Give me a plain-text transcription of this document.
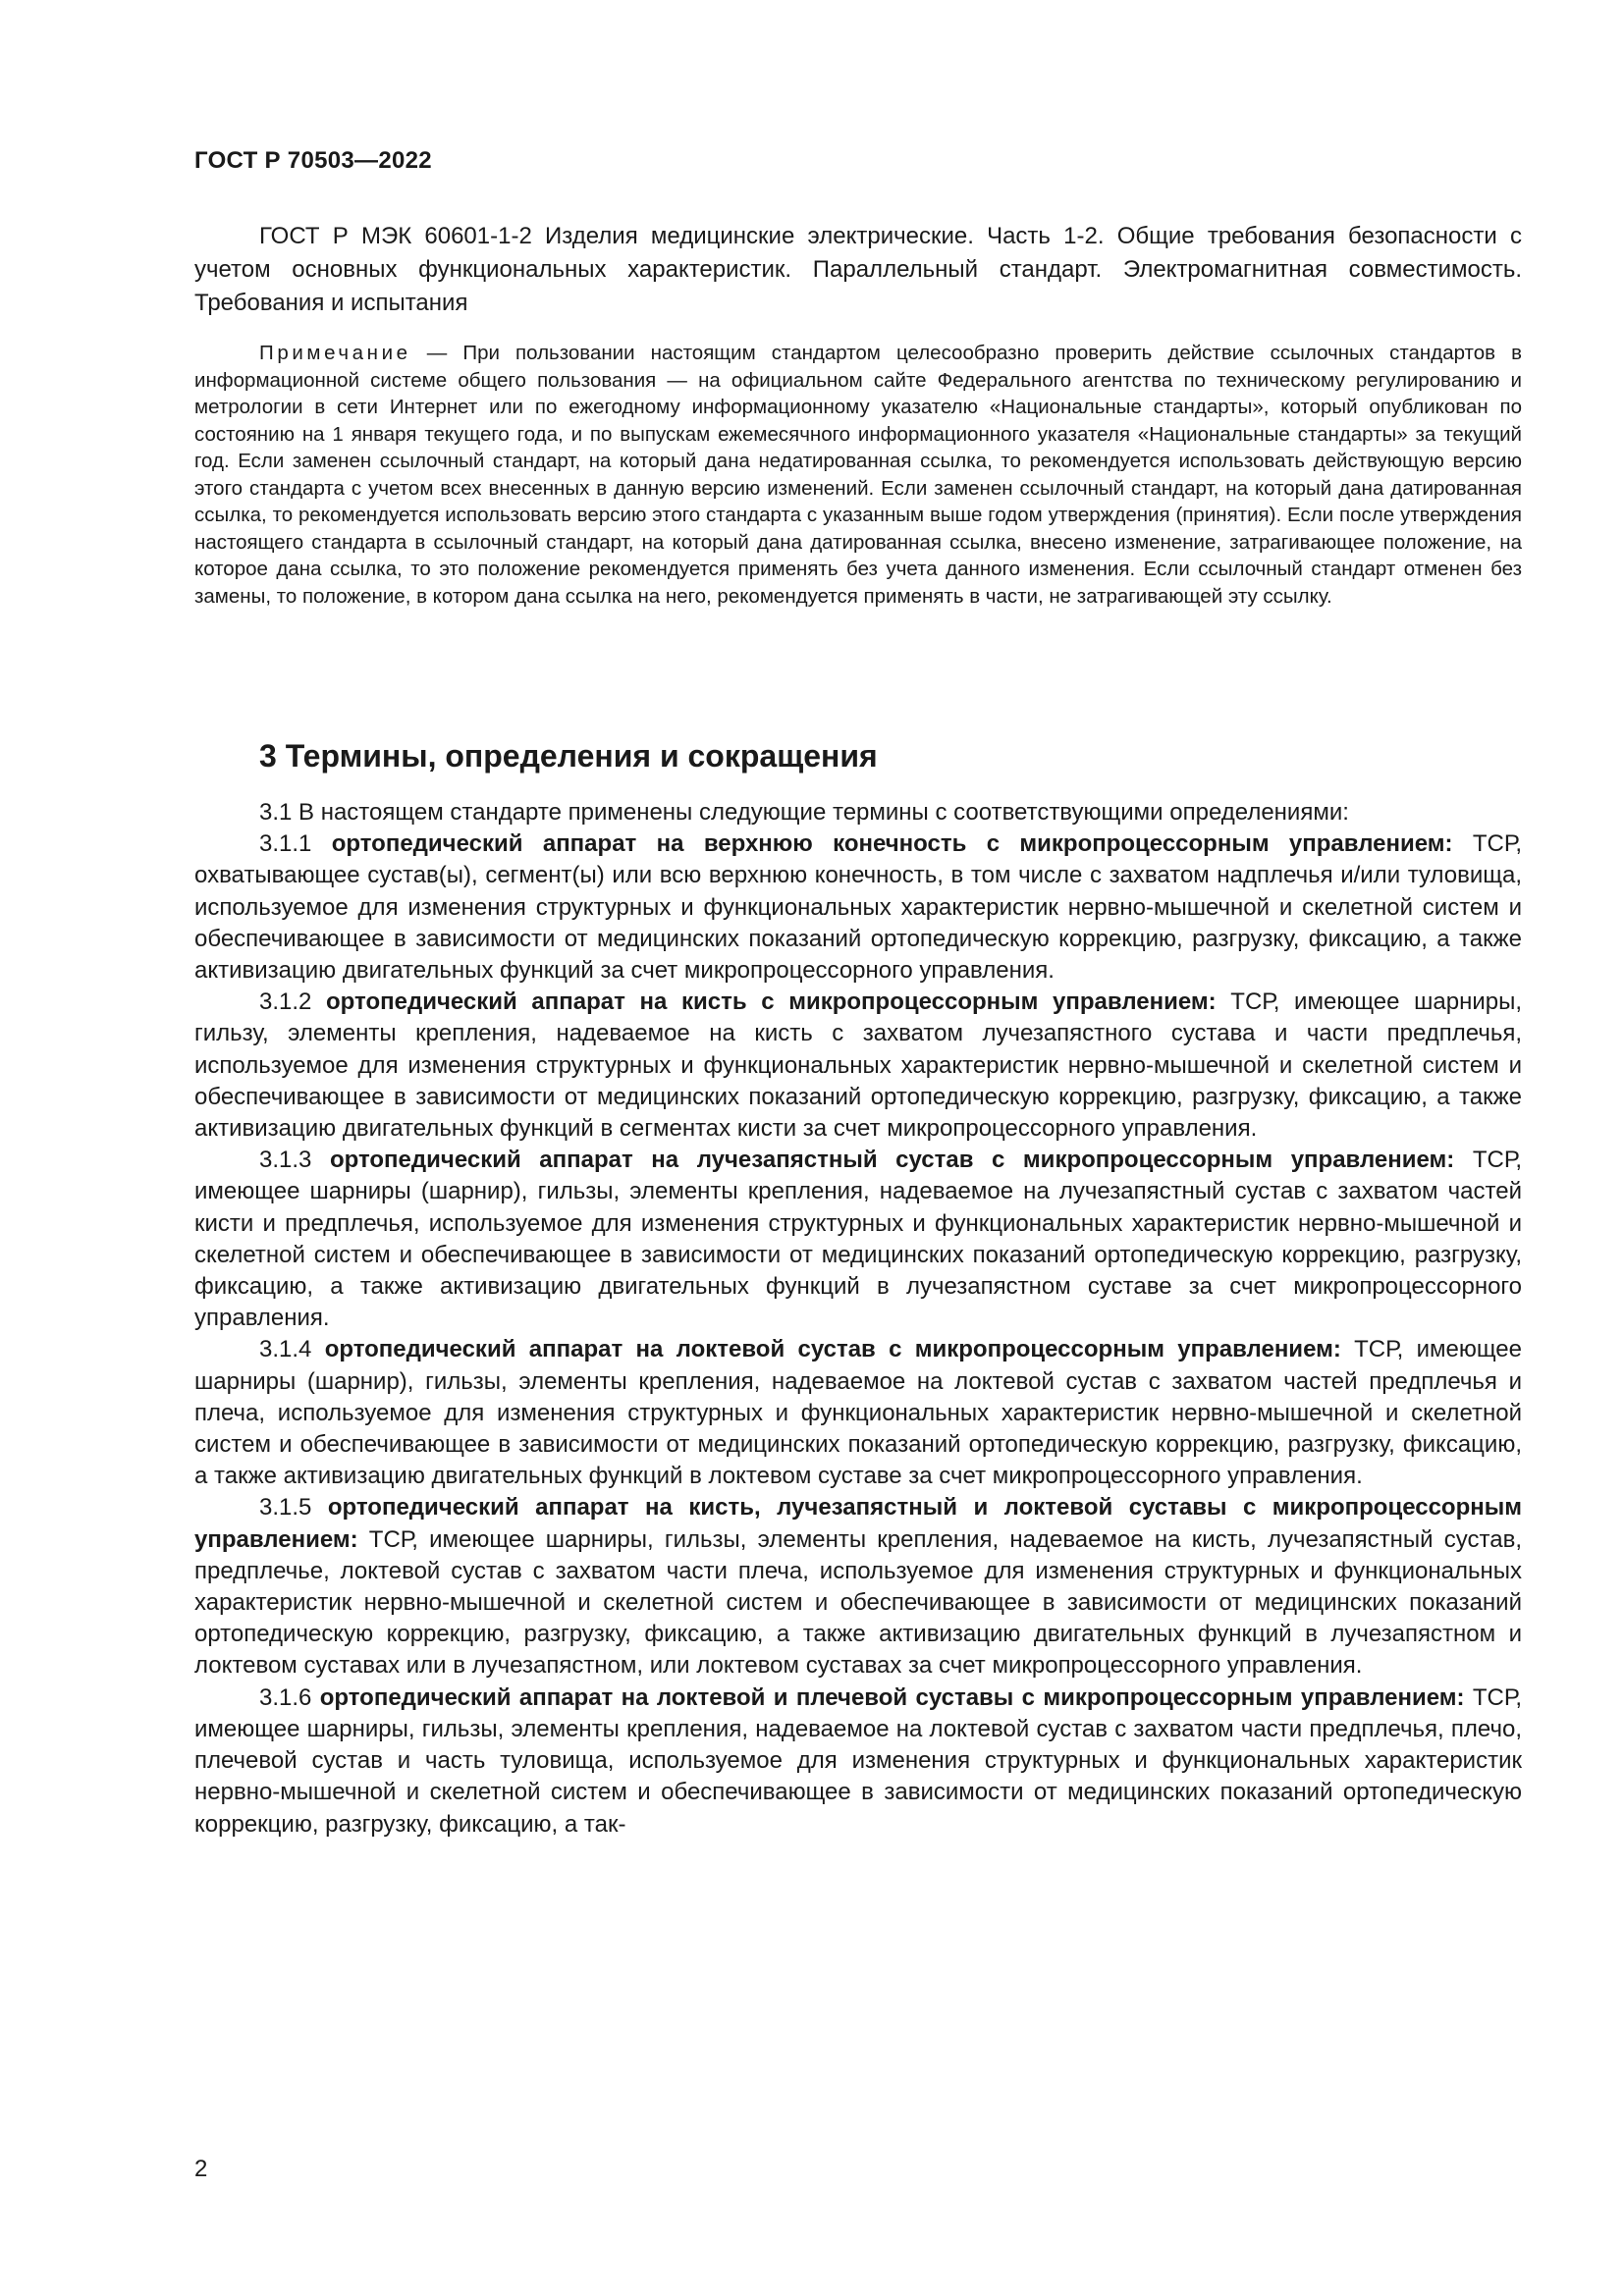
ГОСТ Р 70503—2022
ГОСТ Р МЭК 60601-1-2 Изделия медицинские электрические. Часть 1-2. Общие требования безопасности с учетом основных функциональных характеристик. Параллельный стандарт. Электромагнитная совместимость. Требования и испытания
Примечание — При пользовании настоящим стандартом целесообразно проверить действие ссылочных стандартов в информационной системе общего пользования — на официальном сайте Федерального агентства по техническому регулированию и метрологии в сети Интернет или по ежегодному информационному указателю «Национальные стандарты», который опубликован по состоянию на 1 января текущего года, и по выпускам ежемесячного информационного указателя «Национальные стандарты» за текущий год. Если заменен ссылочный стандарт, на который дана недатированная ссылка, то рекомендуется использовать действующую версию этого стандарта с учетом всех внесенных в данную версию изменений. Если заменен ссылочный стандарт, на который дана датированная ссылка, то рекомендуется использовать версию этого стандарта с указанным выше годом утверждения (принятия). Если после утверждения настоящего стандарта в ссылочный стандарт, на который дана датированная ссылка, внесено изменение, затрагивающее положение, на которое дана ссылка, то это положение рекомендуется применять без учета данного изменения. Если ссылочный стандарт отменен без замены, то положение, в котором дана ссылка на него, рекомендуется применять в части, не затрагивающей эту ссылку.
3 Термины, определения и сокращения

3.1 В настоящем стандарте применены следующие термины с соответствующими определениями:

3.1.1 ортопедический аппарат на верхнюю конечность с микропроцессорным управлением: ТСР, охватывающее сустав(ы), сегмент(ы) или всю верхнюю конечность, в том числе с захватом надплечья и/или туловища, используемое для изменения структурных и функциональных характеристик нервно-мышечной и скелетной систем и обеспечивающее в зависимости от медицинских показаний ортопедическую коррекцию, разгрузку, фиксацию, а также активизацию двигательных функций за счет микропроцессорного управления.

3.1.2 ортопедический аппарат на кисть с микропроцессорным управлением: ТСР, имеющее шарниры, гильзу, элементы крепления, надеваемое на кисть с захватом лучезапястного сустава и части предплечья, используемое для изменения структурных и функциональных характеристик нервно-мышечной и скелетной систем и обеспечивающее в зависимости от медицинских показаний ортопедическую коррекцию, разгрузку, фиксацию, а также активизацию двигательных функций в сегментах кисти за счет микропроцессорного управления.

3.1.3 ортопедический аппарат на лучезапястный сустав с микропроцессорным управлением: ТСР, имеющее шарниры (шарнир), гильзы, элементы крепления, надеваемое на лучезапястный сустав с захватом частей кисти и предплечья, используемое для изменения структурных и функциональных характеристик нервно-мышечной и скелетной систем и обеспечивающее в зависимости от медицинских показаний ортопедическую коррекцию, разгрузку, фиксацию, а также активизацию двигательных функций в лучезапястном суставе за счет микропроцессорного управления.

3.1.4 ортопедический аппарат на локтевой сустав с микропроцессорным управлением: ТСР, имеющее шарниры (шарнир), гильзы, элементы крепления, надеваемое на локтевой сустав с захватом частей предплечья и плеча, используемое для изменения структурных и функциональных характеристик нервно-мышечной и скелетной систем и обеспечивающее в зависимости от медицинских показаний ортопедическую коррекцию, разгрузку, фиксацию, а также активизацию двигательных функций в локтевом суставе за счет микропроцессорного управления.

3.1.5 ортопедический аппарат на кисть, лучезапястный и локтевой суставы с микропроцессорным управлением: ТСР, имеющее шарниры, гильзы, элементы крепления, надеваемое на кисть, лучезапястный сустав, предплечье, локтевой сустав с захватом части плеча, используемое для изменения структурных и функциональных характеристик нервно-мышечной и скелетной систем и обеспечивающее в зависимости от медицинских показаний ортопедическую коррекцию, разгрузку, фиксацию, а также активизацию двигательных функций в лучезапястном и локтевом суставах или в лучезапястном, или локтевом суставах за счет микропроцессорного управления.

3.1.6 ортопедический аппарат на локтевой и плечевой суставы с микропроцессорным управлением: ТСР, имеющее шарниры, гильзы, элементы крепления, надеваемое на локтевой сустав с захватом части предплечья, плечо, плечевой сустав и часть туловища, используемое для изменения структурных и функциональных характеристик нервно-мышечной и скелетной систем и обеспечивающее в зависимости от медицинских показаний ортопедическую коррекцию, разгрузку, фиксацию, а так-

2
